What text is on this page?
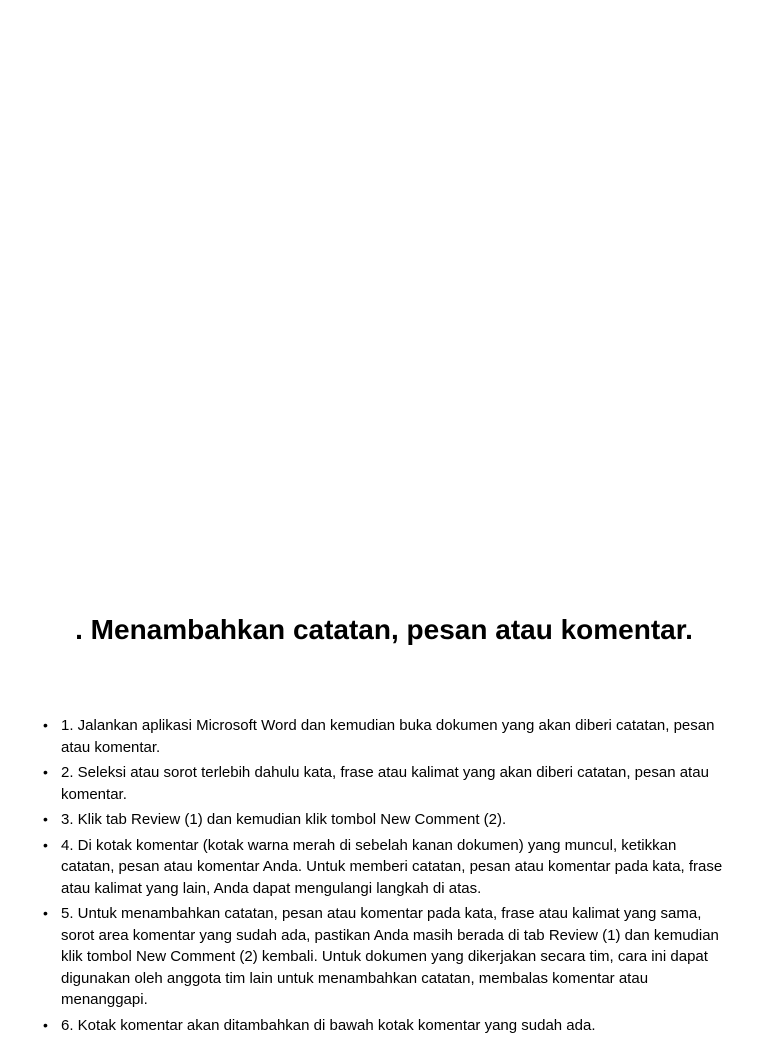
. Menambahkan catatan, pesan atau komentar.
• 1. Jalankan aplikasi Microsoft Word dan kemudian buka dokumen yang akan diberi catatan, pesan atau komentar.
• 2. Seleksi atau sorot terlebih dahulu kata, frase atau kalimat yang akan diberi catatan, pesan atau komentar.
• 3. Klik tab Review (1) dan kemudian klik tombol New Comment (2).
• 4. Di kotak komentar (kotak warna merah di sebelah kanan dokumen) yang muncul, ketikkan catatan, pesan atau komentar Anda. Untuk memberi catatan, pesan atau komentar pada kata, frase atau kalimat yang lain, Anda dapat mengulangi langkah di atas.
• 5. Untuk menambahkan catatan, pesan atau komentar pada kata, frase atau kalimat yang sama, sorot area komentar yang sudah ada, pastikan Anda masih berada di tab Review (1) dan kemudian klik tombol New Comment (2) kembali. Untuk dokumen yang dikerjakan secara tim, cara ini dapat digunakan oleh anggota tim lain untuk menambahkan catatan, membalas komentar atau menanggapi.
• 6. Kotak komentar akan ditambahkan di bawah kotak komentar yang sudah ada.
